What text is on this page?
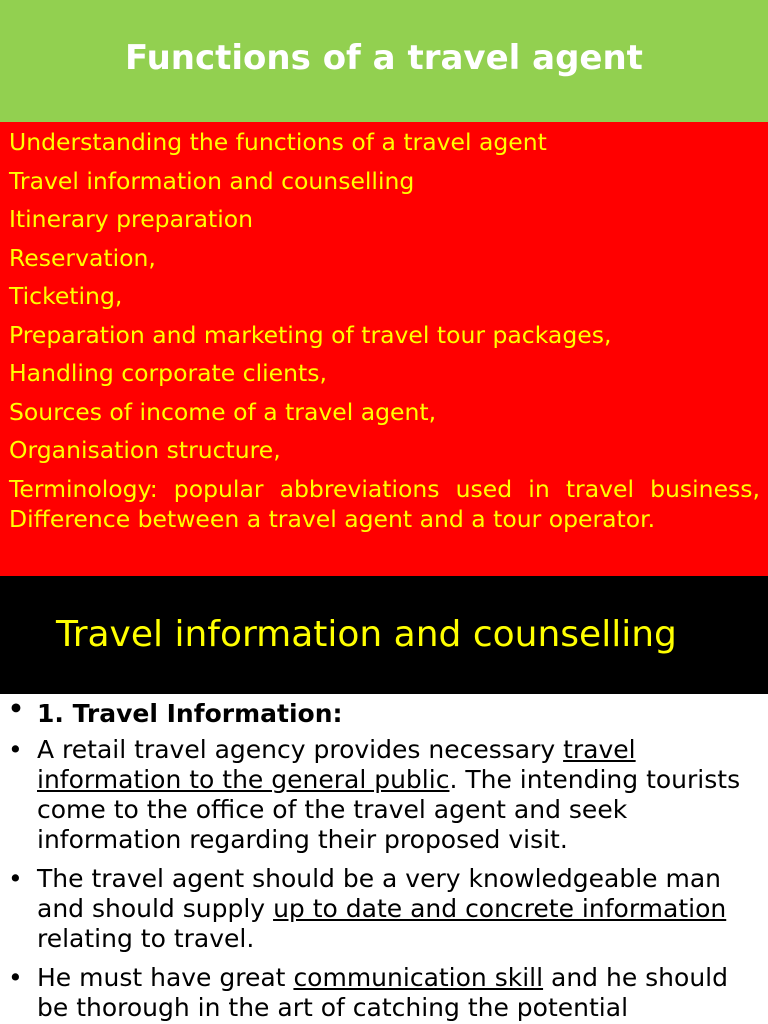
Functions of a travel agent
Understanding the functions of a travel agent
Travel information and counselling
Itinerary preparation
Reservation,
Ticketing,
Preparation and marketing of travel tour packages,
Handling corporate clients,
Sources of income of a travel agent,
Organisation structure,
Terminology: popular abbreviations used in travel business, Difference between a travel agent and a tour operator.
Travel information and counselling
• 1. Travel Information:
• A retail travel agency provides necessary travel information to the general public. The intending tourists come to the office of the travel agent and seek information regarding their proposed visit.
• The travel agent should be a very knowledgeable man and should supply up to date and concrete information relating to travel.
• He must have great communication skill and he should be thorough in the art of catching the potential
